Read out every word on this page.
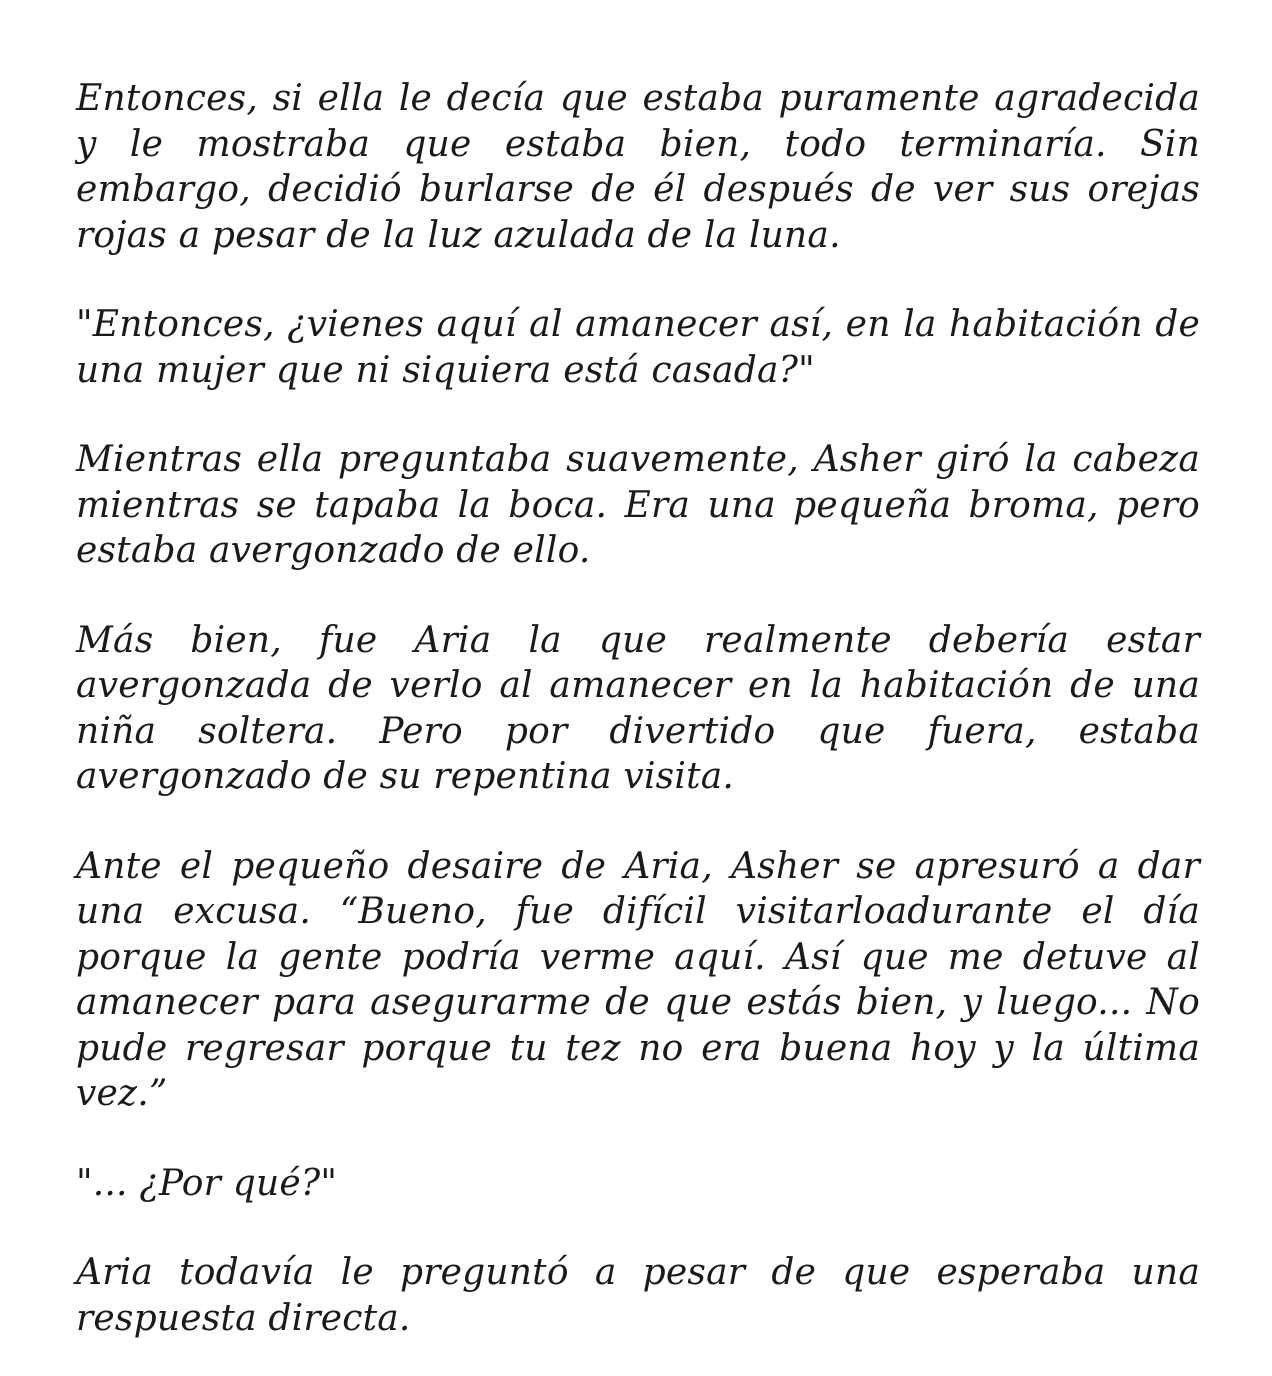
Entonces, si ella le decía que estaba puramente agradecida y le mostraba que estaba bien, todo terminaría. Sin embargo, decidió burlarse de él después de ver sus orejas rojas a pesar de la luz azulada de la luna.

"Entonces, ¿vienes aquí al amanecer así, en la habitación de una mujer que ni siquiera está casada?"

Mientras ella preguntaba suavemente, Asher giró la cabeza mientras se tapaba la boca. Era una pequeña broma, pero estaba avergonzado de ello.

Más bien, fue Aria la que realmente debería estar avergonzada de verlo al amanecer en la habitación de una niña soltera. Pero por divertido que fuera, estaba avergonzado de su repentina visita.

Ante el pequeño desaire de Aria, Asher se apresuró a dar una excusa. “Bueno, fue difícil visitarloadurante el día porque la gente podría verme aquí. Así que me detuve al amanecer para asegurarme de que estás bien, y luego... No pude regresar porque tu tez no era buena hoy y la última vez.”

"... ¿Por qué?"

Aria todavía le preguntó a pesar de que esperaba una respuesta directa.
